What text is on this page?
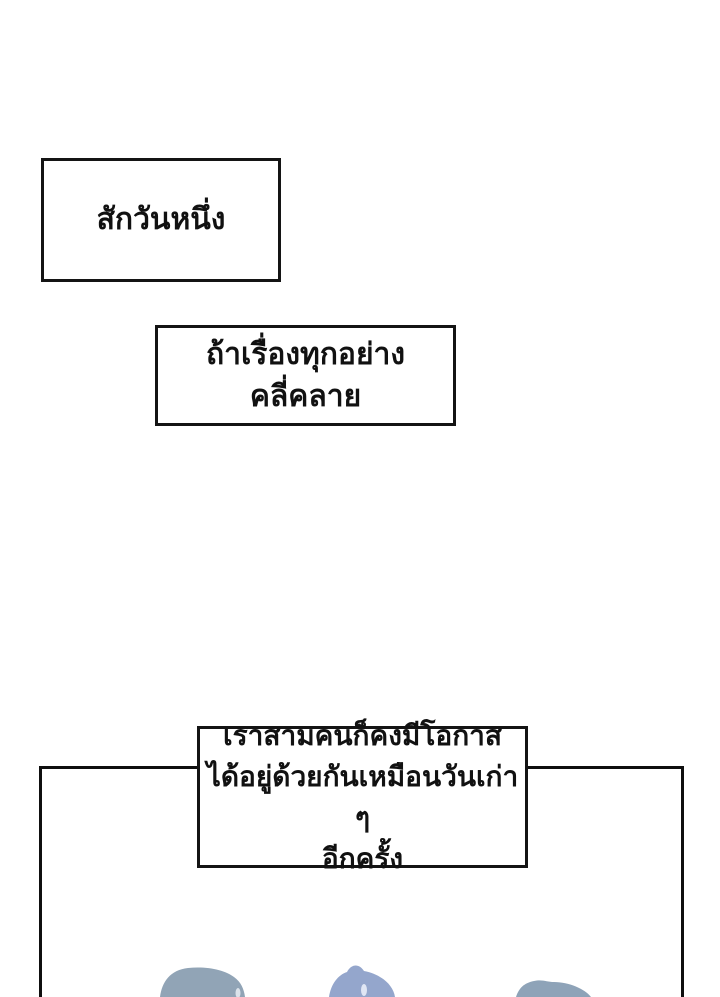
สักวันหนึ่ง
ถ้าเรื่องทุกอย่างคลี่คลาย
เราสามคนก็คงมีโอกาส
ได้อยู่ด้วยกันเหมือนวันเก่า ๆ
อีกครั้ง
